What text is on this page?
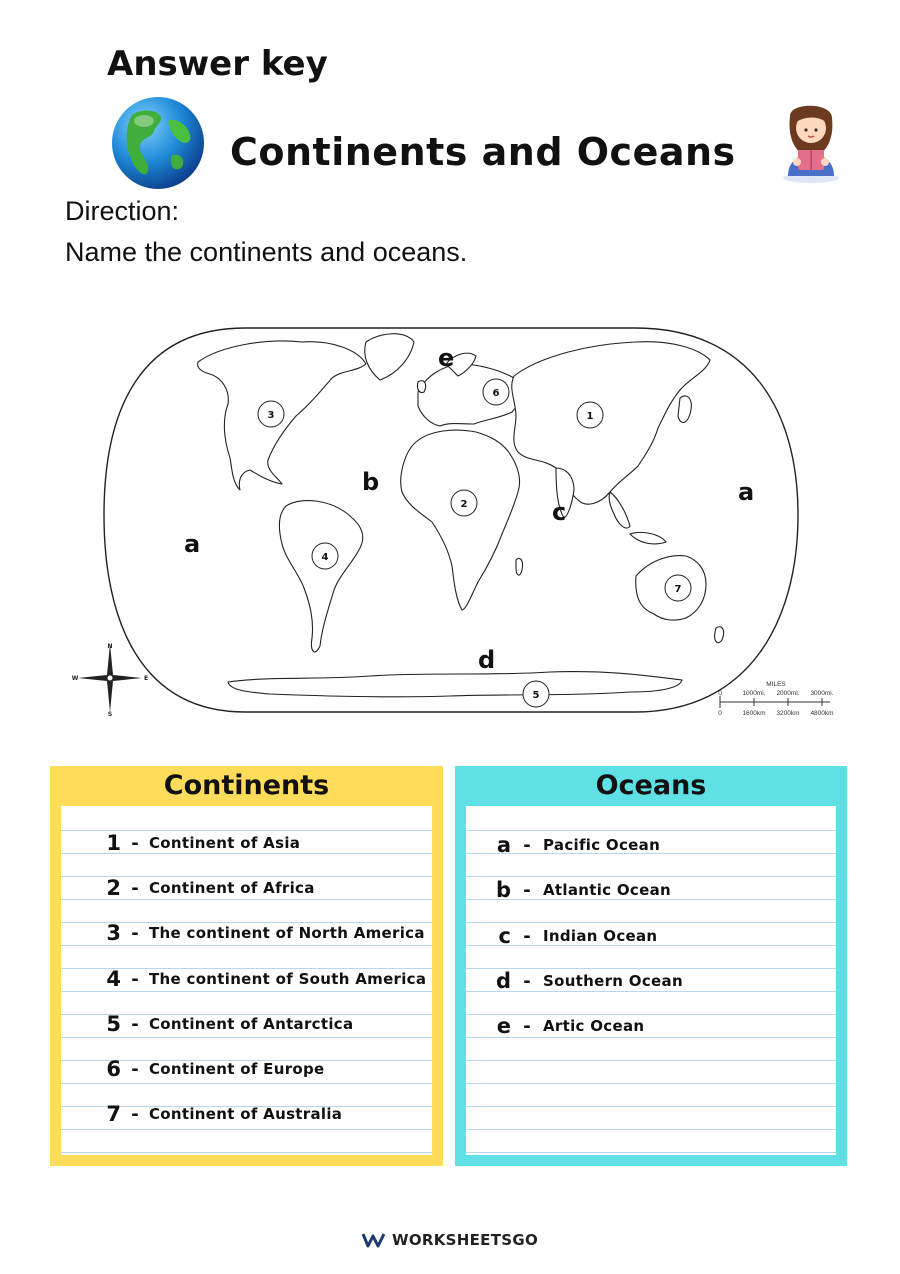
Answer key
Continents and Oceans
Direction:
Name the continents and oceans.
e
b
c
a
a
d
1
2
3
4
5
6
7
N
S
E
W
MILES
0	1000mi. 2000mi. 3000mi.
0	1600km 3200km 4800km
Continents
1 - Continent of Asia
2 - Continent of Africa
3 - The continent of North America
4 - The continent of South America
5 - Continent of Antarctica
6 - Continent of Europe
7 - Continent of Australia
Oceans
a - Pacific Ocean
b - Atlantic Ocean
c - Indian Ocean
d - Southern Ocean
e - Artic Ocean
WORKSHEETSGO
